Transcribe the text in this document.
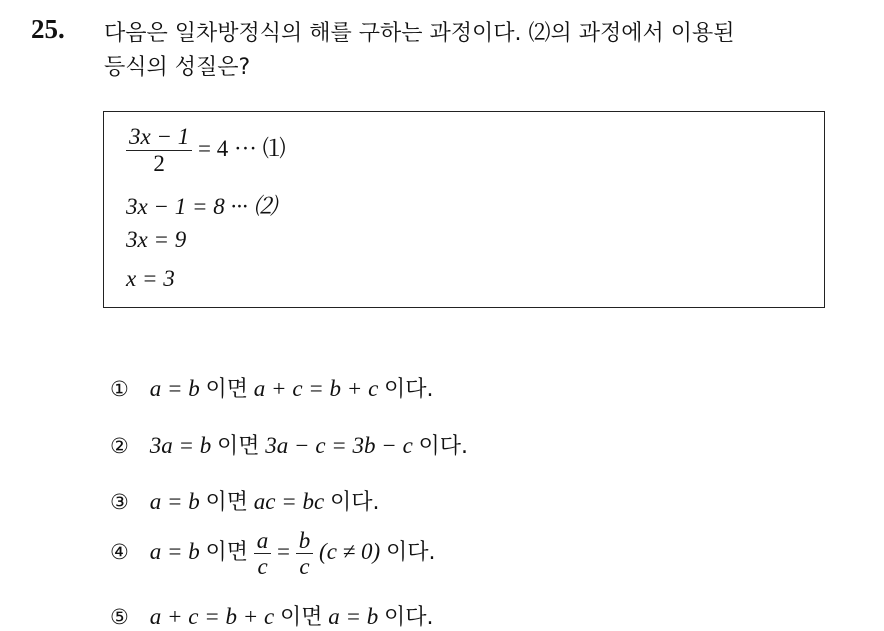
25. 다음은 일차방정식의 해를 구하는 과정이다. ⑵의 과정에서 이용된
등식의 성질은?
$\frac{3x - 1}{2} = 4$ ··· ⑴
3x − 1 = 8 ··· ⑵
3x = 9
x = 3
① a = b 이면 a + c = b + c 이다.
② 3a = b 이면 3a − c = 3b − c 이다.
③ a = b 이면 ac = bc 이다.
④ a = b 이면 $\frac{a}{c} = \frac{b}{c} (c \ne 0)$ 이다.
⑤ a + c = b + c 이면 a = b 이다.
